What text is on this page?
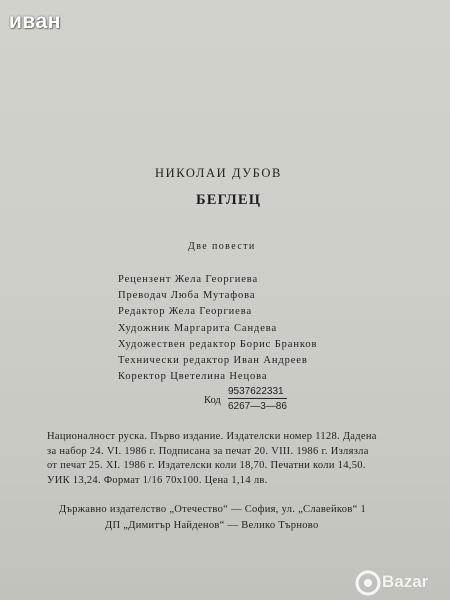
иван
НИКОЛАИ ДУБОВ
БЕГЛЕЦ
Две повести
Рецензент Жела Георгиева
Преводач Люба Мутафова
Редактор Жела Георгиева
Художник Маргарита Сандева
Художествен редактор Борис Бранков
Технически редактор Иван Андреев
Коректор Цветелина Нецова
Код
9537622331
6267—3—86
Националност руска. Първо издание. Издателски номер 1128. Дадена
за набор 24. VI. 1986 г. Подписана за печат 20. VIII. 1986 г. Излязла
от печат 25. XI. 1986 г. Издателски коли 18,70. Печатни коли 14,50.
УИК 13,24. Формат 1/16 70x100. Цена 1,14 лв.
Държавно издателство „Отечество“ — София, ул. „Славейков“ 1
ДП „Димитър Найденов“ — Велико Търново
Bazar
